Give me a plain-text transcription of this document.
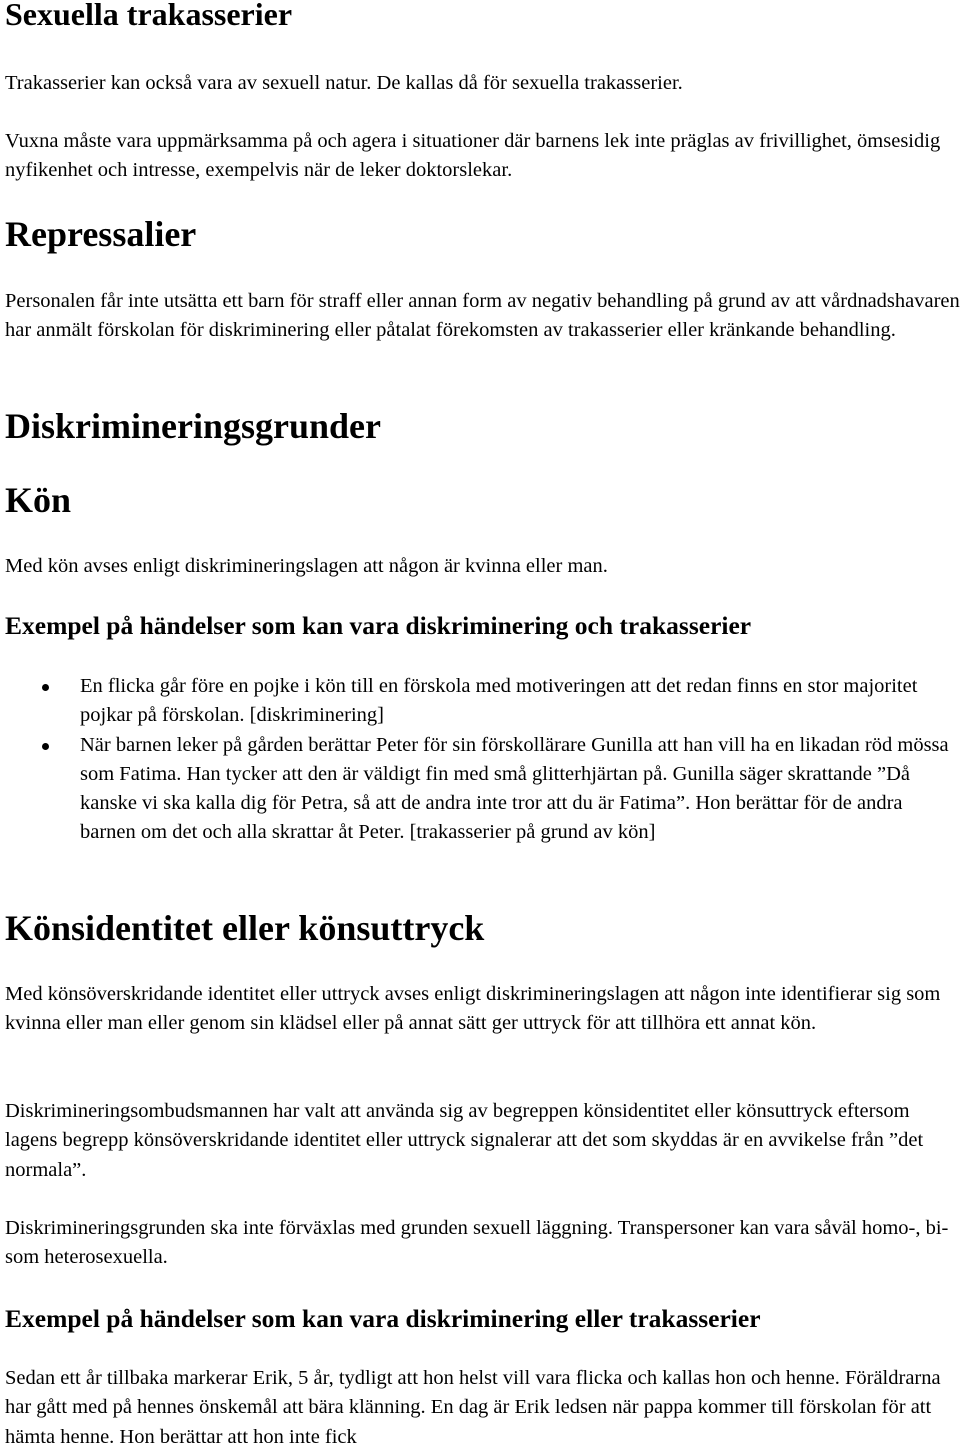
Sexuella trakasserier

Trakasserier kan också vara av sexuell natur. De kallas då för sexuella trakasserier.

Vuxna måste vara uppmärksamma på och agera i situationer där barnens lek inte präglas av frivillighet, ömsesidig nyfikenhet och intresse, exempelvis när de leker doktorslekar.

Repressalier

Personalen får inte utsätta ett barn för straff eller annan form av negativ behandling på grund av att vårdnadshavaren har anmält förskolan för diskriminering eller påtalat förekomsten av trakasserier eller kränkande behandling.

Diskrimineringsgrunder
Kön

Med kön avses enligt diskrimineringslagen att någon är kvinna eller man.

Exempel på händelser som kan vara diskriminering och trakasserier
En flicka går före en pojke i kön till en förskola med motiveringen att det redan finns en stor majoritet pojkar på förskolan. [diskriminering]
När barnen leker på gården berättar Peter för sin förskollärare Gunilla att han vill ha en likadan röd mössa som Fatima. Han tycker att den är väldigt fin med små glitterhjärtan på. Gunilla säger skrattande ”Då kanske vi ska kalla dig för Petra, så att de andra inte tror att du är Fatima”. Hon berättar för de andra barnen om det och alla skrattar åt Peter. [trakasserier på grund av kön]
Könsidentitet eller könsuttryck

Med könsöverskridande identitet eller uttryck avses enligt diskrimineringslagen att någon inte identifierar sig som kvinna eller man eller genom sin klädsel eller på annat sätt ger uttryck för att tillhöra ett annat kön.

Diskrimineringsombudsmannen har valt att använda sig av begreppen könsidentitet eller könsuttryck eftersom lagens begrepp könsöverskridande identitet eller uttryck signalerar att det som skyddas är en avvikelse från ”det normala”.

Diskrimineringsgrunden ska inte förväxlas med grunden sexuell läggning. Transpersoner kan vara såväl homo-, bi- som heterosexuella.

Exempel på händelser som kan vara diskriminering eller trakasserier

Sedan ett år tillbaka markerar Erik, 5 år, tydligt att hon helst vill vara flicka och kallas hon och henne. Föräldrarna har gått med på hennes önskemål att bära klänning. En dag är Erik ledsen när pappa kommer till förskolan för att hämta henne. Hon berättar att hon inte fick
